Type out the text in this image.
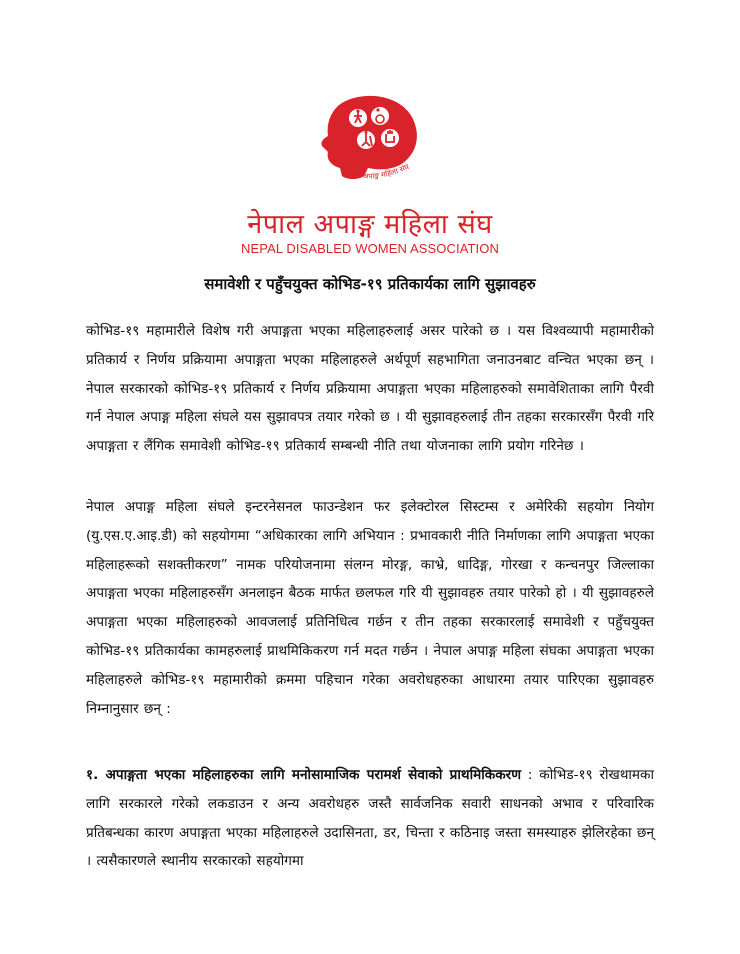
नेपाल अपाङ्ग महिला संघ
नेपाल अपाङ्ग महिला संघ
NEPAL DISABLED WOMEN ASSOCIATION
समावेशी र पहुँचयुक्त कोभिड-१९ प्रतिकार्यका लागि सुझावहरु
कोभिड-१९ महामारीले विशेष गरी अपाङ्गता भएका महिलाहरुलाई असर पारेको छ । यस विश्वव्यापी महामारीको प्रतिकार्य र निर्णय प्रक्रियामा अपाङ्गता भएका महिलाहरुले अर्थपूर्ण सहभागिता जनाउनबाट वन्चित भएका छन् । नेपाल सरकारको कोभिड-१९ प्रतिकार्य र निर्णय प्रक्रियामा अपाङ्गता भएका महिलाहरुको समावेशिताका लागि पैरवी गर्न नेपाल अपाङ्ग महिला संघले यस सुझावपत्र तयार गरेको छ । यी सुझावहरुलाई तीन तहका सरकारसँग पैरवी गरि अपाङ्गता र लैंगिक समावेशी कोभिड-१९ प्रतिकार्य सम्बन्धी नीति तथा योजनाका लागि प्रयोग गरिनेछ ।
नेपाल अपाङ्ग महिला संघले इन्टरनेसनल फाउन्डेशन फर इलेक्टोरल सिस्टम्स र अमेरिकी सहयोग नियोग (यु.एस.ए.आइ.डी) को सहयोगमा “अधिकारका लागि अभियान : प्रभावकारी नीति निर्माणका लागि अपाङ्गता भएका महिलाहरूको सशक्तीकरण” नामक परियोजनामा संलग्न मोरङ्ग, काभ्रे, धादिङ्ग, गोरखा र कन्चनपुर जिल्लाका अपाङ्गता भएका महिलाहरुसँग अनलाइन बैठक मार्फत छलफल गरि यी सुझावहरु तयार पारेको हो । यी सुझावहरुले अपाङ्गता भएका महिलाहरुको आवजलाई प्रतिनिधित्व गर्छन र तीन तहका सरकारलाई समावेशी र पहुँचयुक्त कोभिड-१९ प्रतिकार्यका कामहरुलाई प्राथमिकिकरण गर्न मदत गर्छन । नेपाल अपाङ्ग महिला संघका अपाङ्गता भएका महिलाहरुले कोभिड-१९ महामारीको क्रममा पहिचान गरेका अवरोधहरुका आधारमा तयार पारिएका सुझावहरु निम्नानुसार छन् :
१. अपाङ्गता भएका महिलाहरुका लागि मनोसामाजिक परामर्श सेवाको प्राथमिकिकरण : कोभिड-१९ रोखथामका लागि सरकारले गरेको लकडाउन र अन्य अवरोधहरु जस्तै सार्वजनिक सवारी साधनको अभाव र परिवारिक प्रतिबन्धका कारण अपाङ्गता भएका महिलाहरुले उदासिनता, डर, चिन्ता र कठिनाइ जस्ता समस्याहरु झेलिरहेका छन् । त्यसैकारणले स्थानीय सरकारको सहयोगमा
